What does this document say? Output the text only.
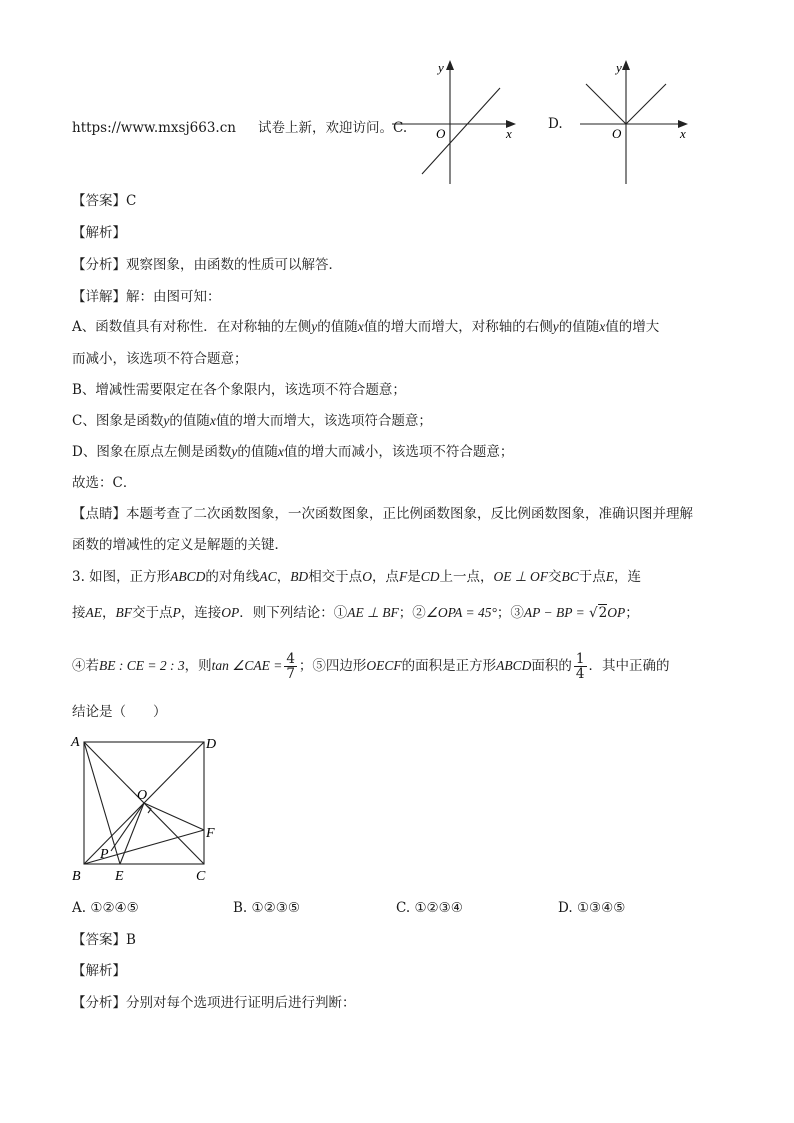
https://www.mxsj663.cn 试卷上新，欢迎访问。C.
y
x
O
D.
y
x
O
【答案】C
【解析】
【分析】观察图象，由函数的性质可以解答．
【详解】解：由图可知：
A、函数值具有对称性．在对称轴的左侧y的值随x值的增大而增大，对称轴的右侧y的值随x值的增大
而减小，该选项不符合题意；
B、增减性需要限定在各个象限内，该选项不符合题意；
C、图象是函数y的值随x值的增大而增大，该选项符合题意；
D、图象在原点左侧是函数y的值随x值的增大而减小，该选项不符合题意；
故选：C．
【点睛】本题考查了二次函数图象，一次函数图象，正比例函数图象，反比例函数图象，准确识图并理解
函数的增减性的定义是解题的关键．
3. 如图，正方形ABCD的对角线AC，BD相交于点O，点F是CD上一点，OE ⊥ OF交BC于点E，连
接AE，BF交于点P，连接OP．则下列结论：①AE ⊥ BF；②∠OPA = 45°；③AP − BP = √2OP；
④若BE : CE = 2 : 3，则tan ∠CAE = $\frac{4}{7}$ ；⑤四边形OECF的面积是正方形ABCD面积的 $\frac{1}{4}$ ．其中正确的
结论是（　　）
A	D
O
F
P
B E	C
A. ①②④⑤	B. ①②③⑤	C. ①②③④	D. ①③④⑤
【答案】B
【解析】
【分析】分别对每个选项进行证明后进行判断：
